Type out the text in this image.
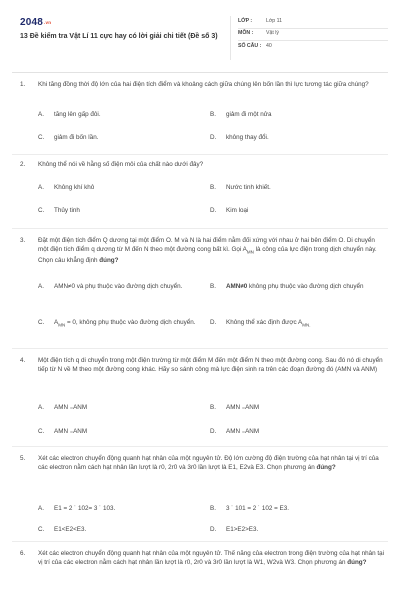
2048.vn
13 Đề kiểm tra Vật Lí 11 cực hay có lời giải chi tiết (Đề số 3)
LỚP :	Lớp 11
MÔN :	Vật lý
SỐ CÂU : 40
1.	Khi tăng đồng thời độ lớn của hai điện tích điểm và khoảng cách giữa chúng lên bốn lần thì lực tương tác giữa chúng?
A.	tăng lên gấp đôi.	B.	giảm đi một nửa
C.	giảm đi bốn lần.	D.	không thay đổi.
2.	Không thể nói về hằng số điện môi của chất nào dưới đây?
A.	Không khí khô	B.	Nước tinh khiết.
C.	Thủy tinh	D.	Kim loại
3.	Đặt một điện tích điểm Q dương tại một điểm O. M và N là hai điểm nằm đối xứng với nhau ở hai bên điểm O. Di chuyển một điện tích điểm q dương từ M đến N theo một đường cong bất kì. Gọi $A_{MN}$ là công của lực điện trong dịch chuyển này. Chọn câu khẳng định đúng?
A.	AMN≠0 và phụ thuộc vào đường dịch chuyển.	B.	AMN≠0 không phụ thuộc vào đường dịch chuyển
C.	$A_{MN} = 0$, không phụ thuộc vào đường dịch chuyển.	D.	Không thể xác định được $A_{MN.}$
4.	Một điện tích q di chuyển trong một điện trường từ một điểm M đến một điểm N theo một đường cong. Sau đó nó di chuyển tiếp từ N về M theo một đường cong khác. Hãy so sánh công mà lực điện sinh ra trên các đoạn đường đó (AMN và ANM)
A.	AMN ₌ANM	B.	AMN ₌ANM
C.	AMN ₌ANM	D.	AMN ₌ANM
5.	Xét các electron chuyển động quanh hạt nhân của một nguyên tử. Độ lớn cường độ điện trường của hạt nhân tại vị trí của các electron nằm cách hạt nhân lần lượt là r0, 2r0 và 3r0 lần lượt là E1, E2và E3. Chọn phương án đúng?
A.	E1 = 2 ˙ 102= 3 ˙ 103.	B.	3 ˙ 101 = 2 ˙ 102 = E3.
C.	E1<E2<E3.	D.	E1>E2>E3.
6.	Xét các electron chuyển động quanh hạt nhân của một nguyên tử. Thế năng của electron trong điện trường của hạt nhân tại vị trí của các electron nằm cách hạt nhân lần lượt là r0, 2r0 và 3r0 lần lượt là W1, W2và W3. Chọn phương án đúng?
